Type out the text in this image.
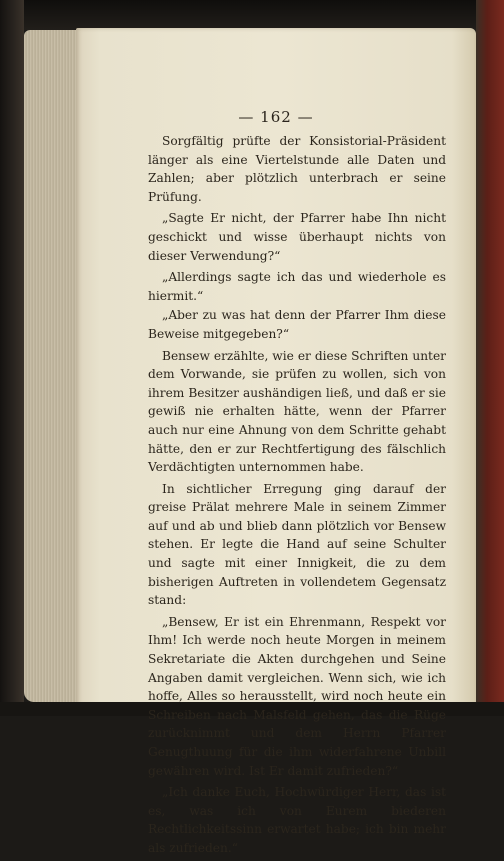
— 162 —

Sorgfältig prüfte der Konsistorial-Präsident länger als eine Viertelstunde alle Daten und Zahlen; aber plötzlich unterbrach er seine Prüfung.

„Sagte Er nicht, der Pfarrer habe Ihn nicht geschickt und wisse überhaupt nichts von dieser Verwendung?“

„Allerdings sagte ich das und wiederhole es hiermit.“

„Aber zu was hat denn der Pfarrer Ihm diese Beweise mitgegeben?“

Bensew erzählte, wie er diese Schriften unter dem Vorwande, sie prüfen zu wollen, sich von ihrem Besitzer aushändigen ließ, und daß er sie gewiß nie erhalten hätte, wenn der Pfarrer auch nur eine Ahnung von dem Schritte gehabt hätte, den er zur Rechtfertigung des fälschlich Verdächtigten unternommen habe.

In sichtlicher Erregung ging darauf der greise Prälat mehrere Male in seinem Zimmer auf und ab und blieb dann plötzlich vor Bensew stehen. Er legte die Hand auf seine Schulter und sagte mit einer Innigkeit, die zu dem bisherigen Auftreten in vollendetem Gegensatz stand:

„Bensew, Er ist ein Ehrenmann, Respekt vor Ihm! Ich werde noch heute Morgen in meinem Sekretariate die Akten durchgehen und Seine Angaben damit vergleichen. Wenn sich, wie ich hoffe, Alles so herausstellt, wird noch heute ein Schreiben nach Malsfeld gehen, das die Rüge zurücknimmt und dem Herrn Pfarrer Genugthuung für die ihm widerfahrene Unbill gewähren wird. Ist Er damit zufrieden?“

„Ich danke Euch, Hochwürdiger Herr, das ist es, was ich von Eurem biederen Rechtlichkeitssinn erwartet habe; ich bin mehr als zufrieden.“
